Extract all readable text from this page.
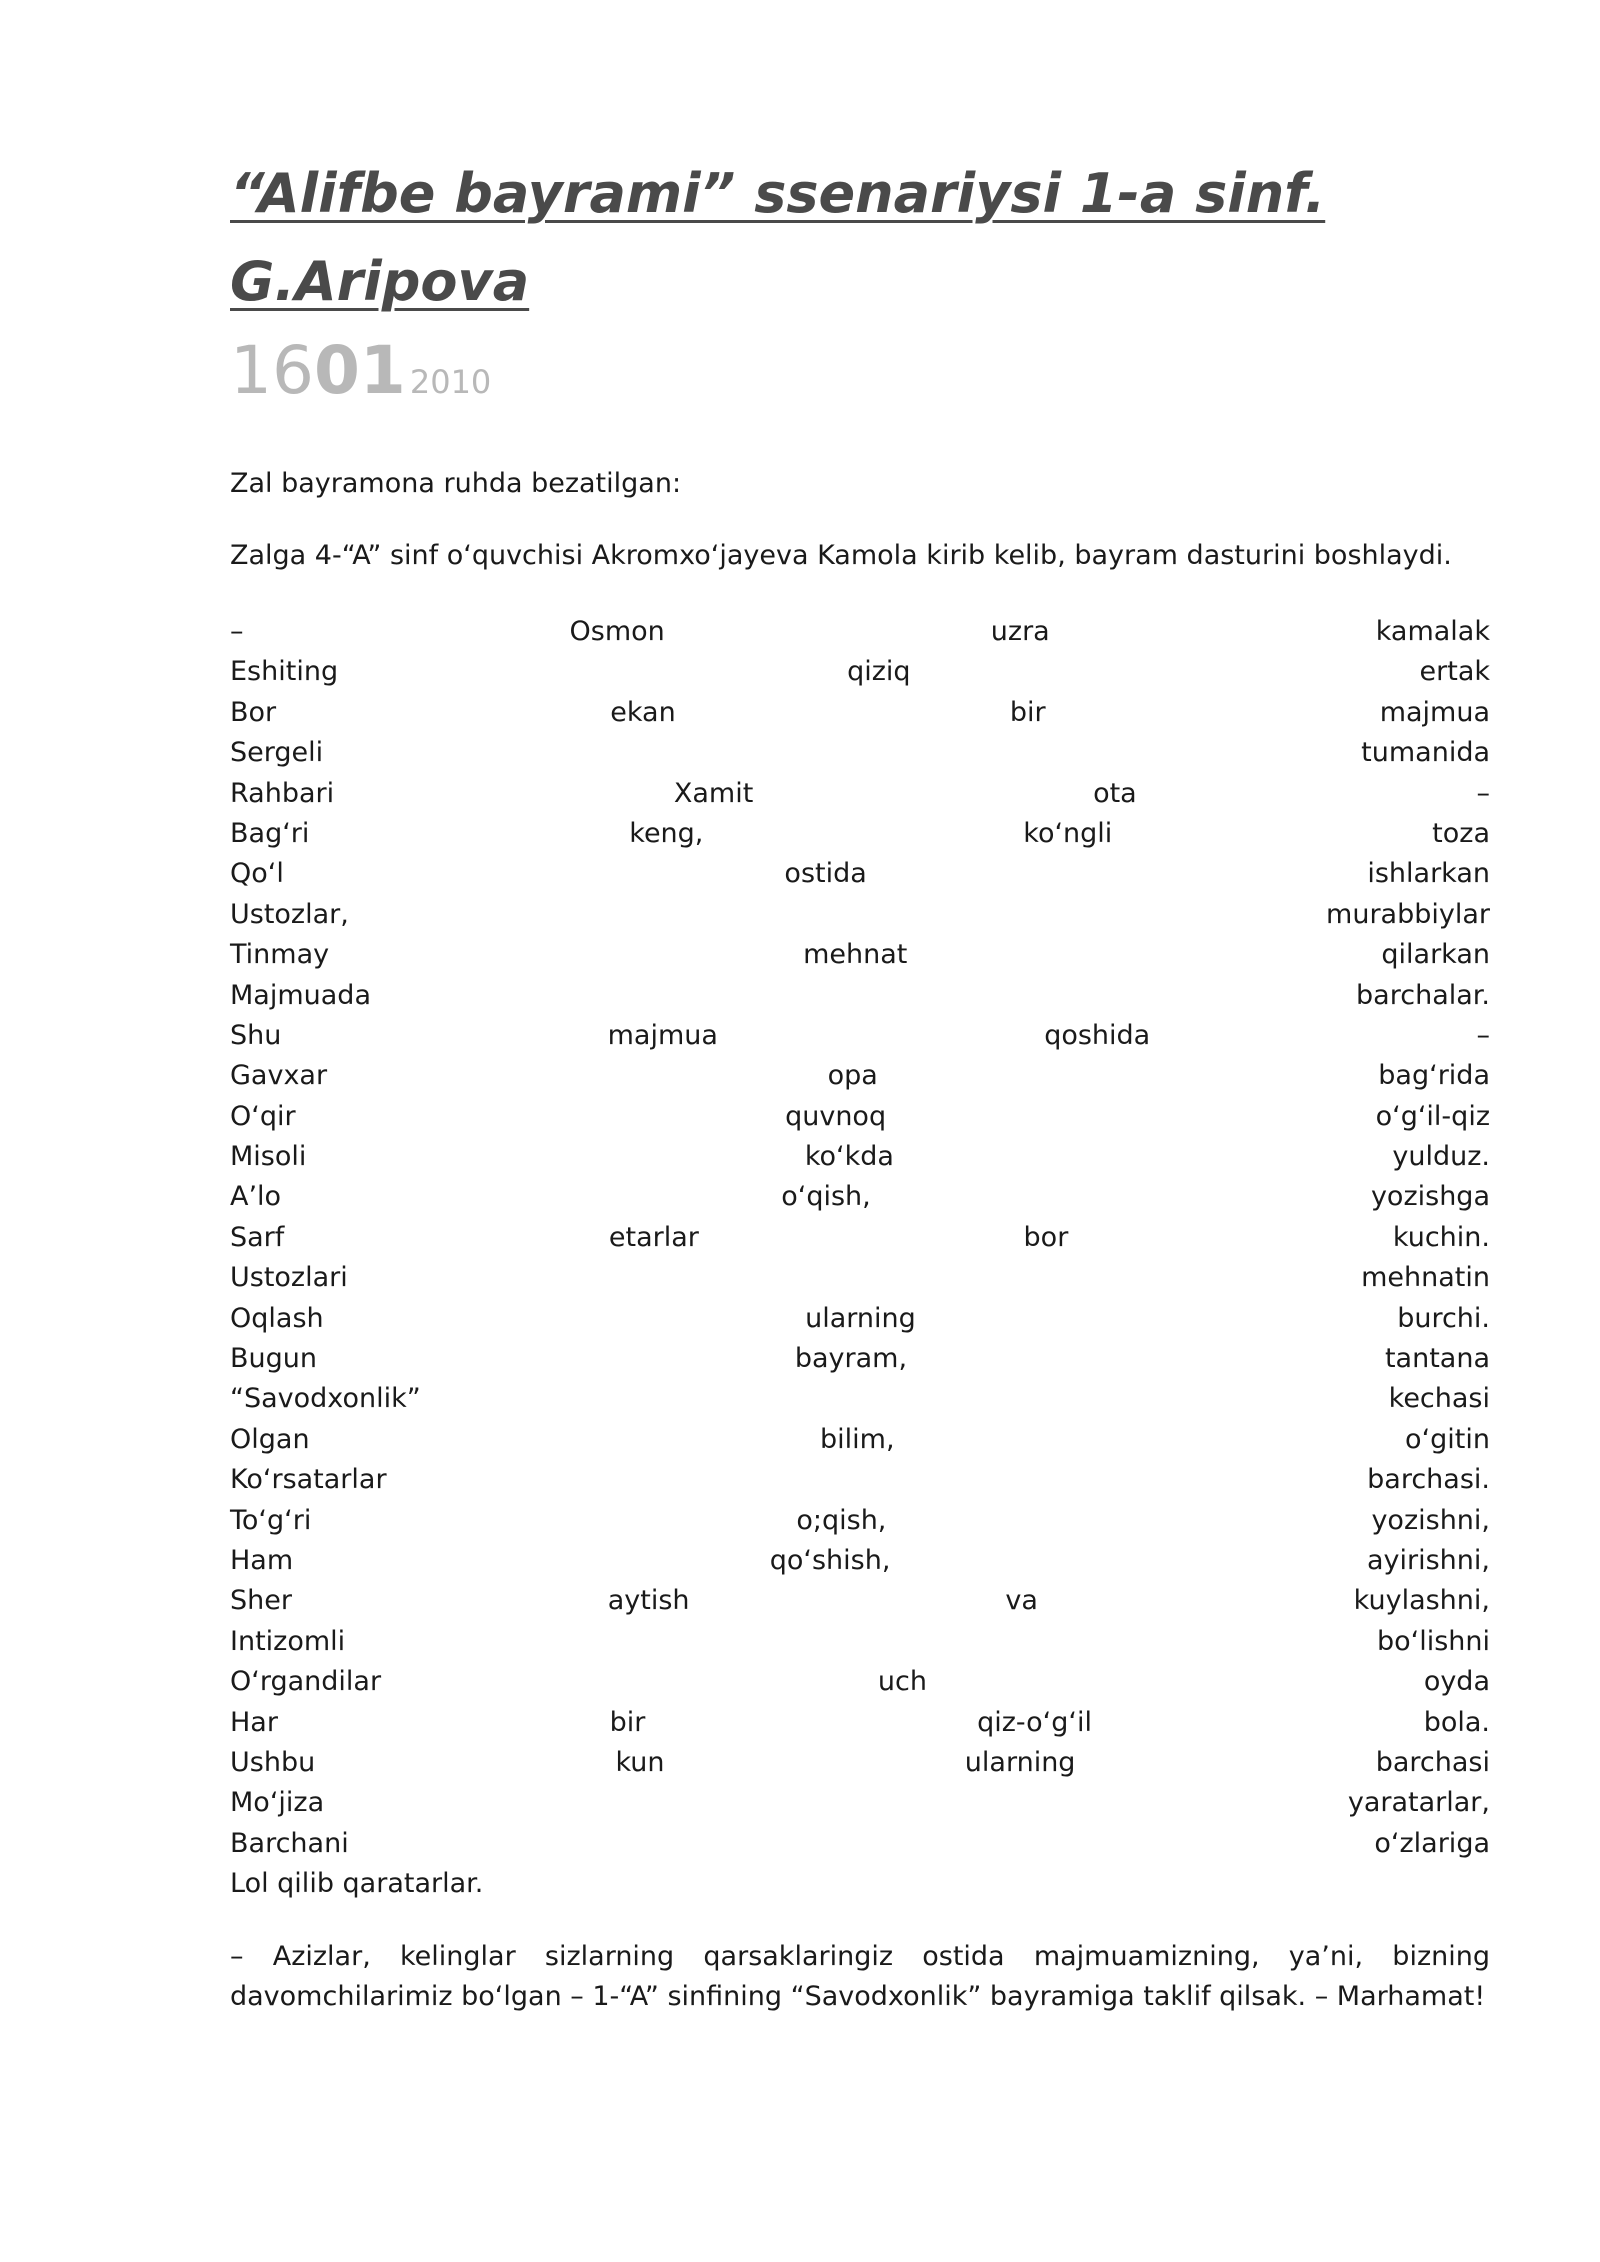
“Alifbe bayrami” ssenariysi 1-a sinf.
G.Aripova
16 01 2010

Zal bayramona ruhda bezatilgan:

Zalga 4-“A” sinf o‘quvchisi Akromxo‘jayeva Kamola kirib kelib, bayram dasturini boshlaydi.

–	Osmon	uzra	kamalak
Eshiting	qiziq	ertak
Bor	ekan	bir	majmua
Sergeli	tumanida
Rahbari	Xamit	ota	–
Bag‘ri	keng,	ko‘ngli	toza
Qo‘l	ostida	ishlarkan
Ustozlar,	murabbiylar
Tinmay	mehnat	qilarkan
Majmuada	barchalar.
Shu	majmua	qoshida	–
Gavxar	opa	bag‘rida
O‘qir	quvnoq	o‘g‘il-qiz
Misoli	ko‘kda	yulduz.
A’lo	o‘qish,	yozishga
Sarf	etarlar	bor	kuchin.
Ustozlari	mehnatin
Oqlash	ularning	burchi.
Bugun	bayram,	tantana
“Savodxonlik”	kechasi
Olgan	bilim,	o‘gitin
Ko‘rsatarlar	barchasi.
To‘g‘ri	o;qish,	yozishni,
Ham	qo‘shish,	ayirishni,
Sher	aytish	va	kuylashni,
Intizomli	bo‘lishni
O‘rgandilar	uch	oyda
Har	bir	qiz-o‘g‘il	bola.
Ushbu	kun	ularning	barchasi
Mo‘jiza	yaratarlar,
Barchani	o‘zlariga
Lol qilib qaratarlar.

– Azizlar, kelinglar sizlarning qarsaklaringiz ostida majmuamizning, ya’ni, bizning davomchilarimiz bo‘lgan – 1-“A” sinfining “Savodxonlik” bayramiga taklif qilsak. – Marhamat!
